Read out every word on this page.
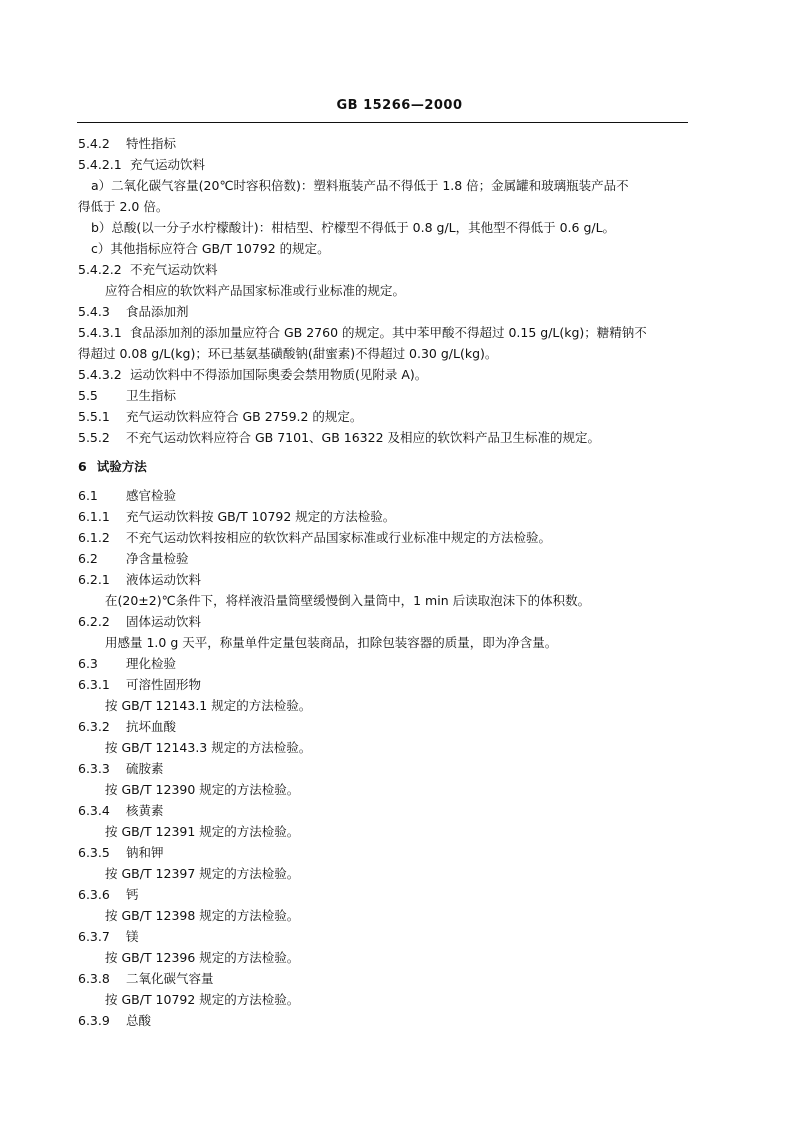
GB 15266—2000
5.4.2 特性指标
5.4.2.1 充气运动饮料
a）二氧化碳气容量(20℃时容积倍数)：塑料瓶装产品不得低于 1.8 倍；金属罐和玻璃瓶装产品不
得低于 2.0 倍。
b）总酸(以一分子水柠檬酸计)：柑桔型、柠檬型不得低于 0.8 g/L，其他型不得低于 0.6 g/L。
c）其他指标应符合 GB/T 10792 的规定。
5.4.2.2 不充气运动饮料
应符合相应的软饮料产品国家标准或行业标准的规定。
5.4.3 食品添加剂
5.4.3.1 食品添加剂的添加量应符合 GB 2760 的规定。其中苯甲酸不得超过 0.15 g/L(kg)；糖精钠不
得超过 0.08 g/L(kg)；环已基氨基磺酸钠(甜蜜素)不得超过 0.30 g/L(kg)。
5.4.3.2 运动饮料中不得添加国际奥委会禁用物质(见附录 A)。
5.5 卫生指标
5.5.1 充气运动饮料应符合 GB 2759.2 的规定。
5.5.2 不充气运动饮料应符合 GB 7101、GB 16322 及相应的软饮料产品卫生标准的规定。
6 试验方法
6.1 感官检验
6.1.1 充气运动饮料按 GB/T 10792 规定的方法检验。
6.1.2 不充气运动饮料按相应的软饮料产品国家标准或行业标准中规定的方法检验。
6.2 净含量检验
6.2.1 液体运动饮料
在(20±2)℃条件下，将样液沿量筒壁缓慢倒入量筒中，1 min 后读取泡沫下的体积数。
6.2.2 固体运动饮料
用感量 1.0 g 天平，称量单件定量包装商品，扣除包装容器的质量，即为净含量。
6.3 理化检验
6.3.1 可溶性固形物
按 GB/T 12143.1 规定的方法检验。
6.3.2 抗坏血酸
按 GB/T 12143.3 规定的方法检验。
6.3.3 硫胺素
按 GB/T 12390 规定的方法检验。
6.3.4 核黄素
按 GB/T 12391 规定的方法检验。
6.3.5 钠和钾
按 GB/T 12397 规定的方法检验。
6.3.6 钙
按 GB/T 12398 规定的方法检验。
6.3.7 镁
按 GB/T 12396 规定的方法检验。
6.3.8 二氧化碳气容量
按 GB/T 10792 规定的方法检验。
6.3.9 总酸
